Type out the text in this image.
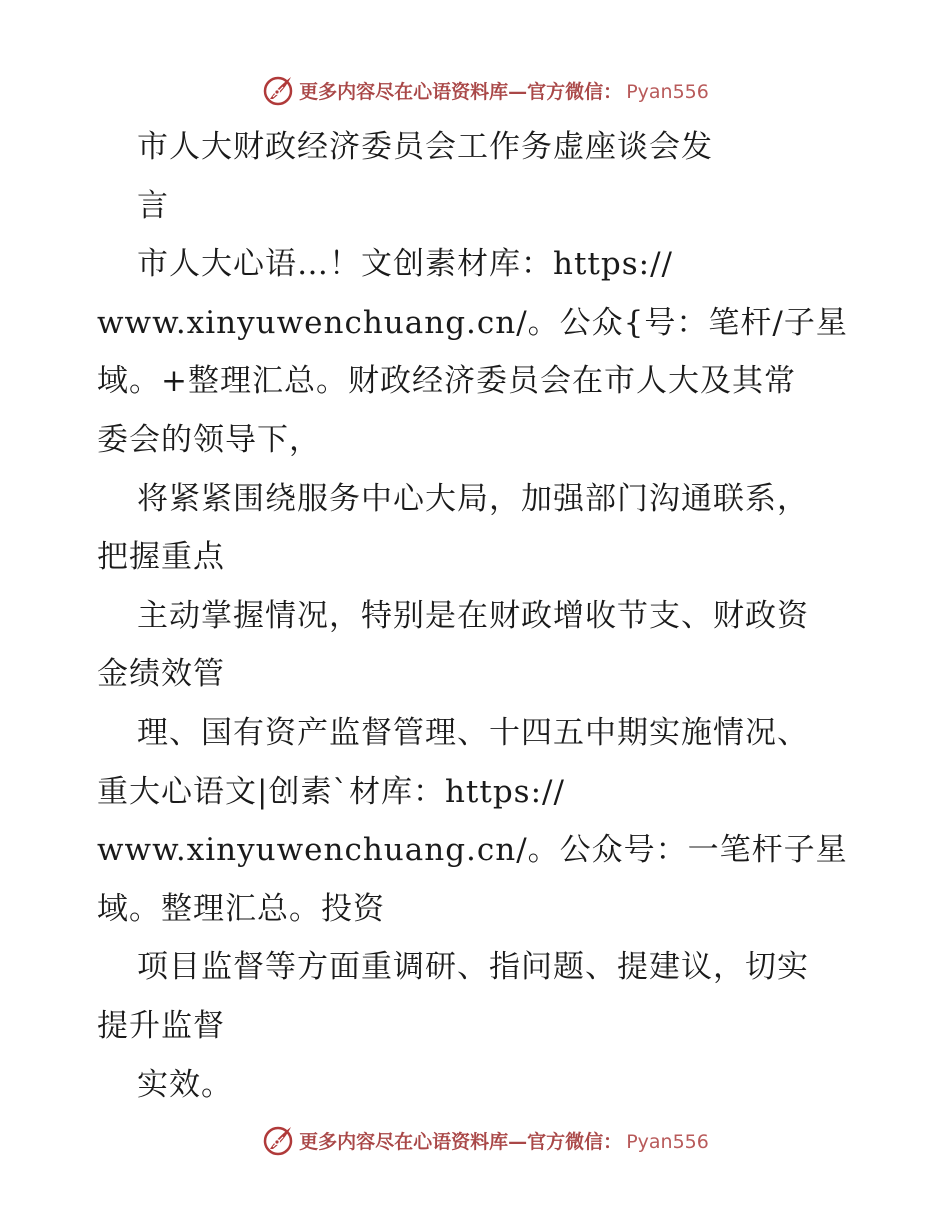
更多内容尽在心语资料库—官方微信： Pyan556
市人大财政经济委员会工作务虚座谈会发
言
市人大心语…！文创素材库：https://
www.xinyuwenchuang.cn/。公众{号：笔杆/子星
域。+整理汇总。财政经济委员会在市人大及其常
委会的领导下，
将紧紧围绕服务中心大局，加强部门沟通联系，
把握重点
主动掌握情况，特别是在财政增收节支、财政资
金绩效管
理、国有资产监督管理、十四五中期实施情况、
重大心语文|创素`材库：https://
www.xinyuwenchuang.cn/。公众号：一笔杆子星
域。整理汇总。投资
项目监督等方面重调研、指问题、提建议，切实
提升监督
实效。
更多内容尽在心语资料库—官方微信： Pyan556
